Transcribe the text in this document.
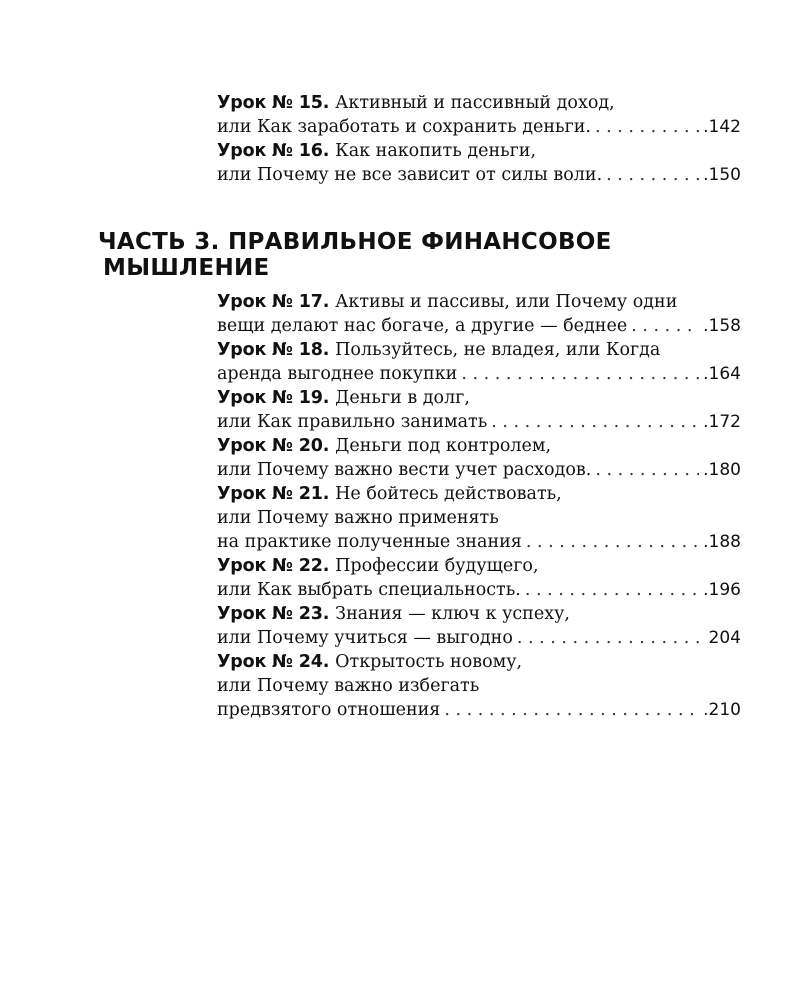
Урок № 15. Активный и пассивный доход,
или Как заработать и сохранить деньги. . . .	.142
Урок № 16. Как накопить деньги,
или Почему не все зависит от силы воли. . . .	.150
ЧАСТЬ 3. ПРАВИЛЬНОЕ ФИНАНСОВОЕ
МЫШЛЕНИЕ
Урок № 17. Активы и пассивы, или Почему одни
вещи делают нас богаче, а другие — беднее . . .	.158
Урок № 18. Пользуйтесь, не владея, или Когда
аренда выгоднее покупки . . .	.164
Урок № 19. Деньги в долг,
или Как правильно занимать . . .	.172
Урок № 20. Деньги под контролем,
или Почему важно вести учет расходов. . . .	.180
Урок № 21. Не бойтесь действовать,
или Почему важно применять
на практике полученные знания . . .	.188
Урок № 22. Профессии будущего,
или Как выбрать специальность. . . .	.196
Урок № 23. Знания — ключ к успеху,
или Почему учиться — выгодно . . .	204
Урок № 24. Открытость новому,
или Почему важно избегать
предвзятого отношения . . .	.210
